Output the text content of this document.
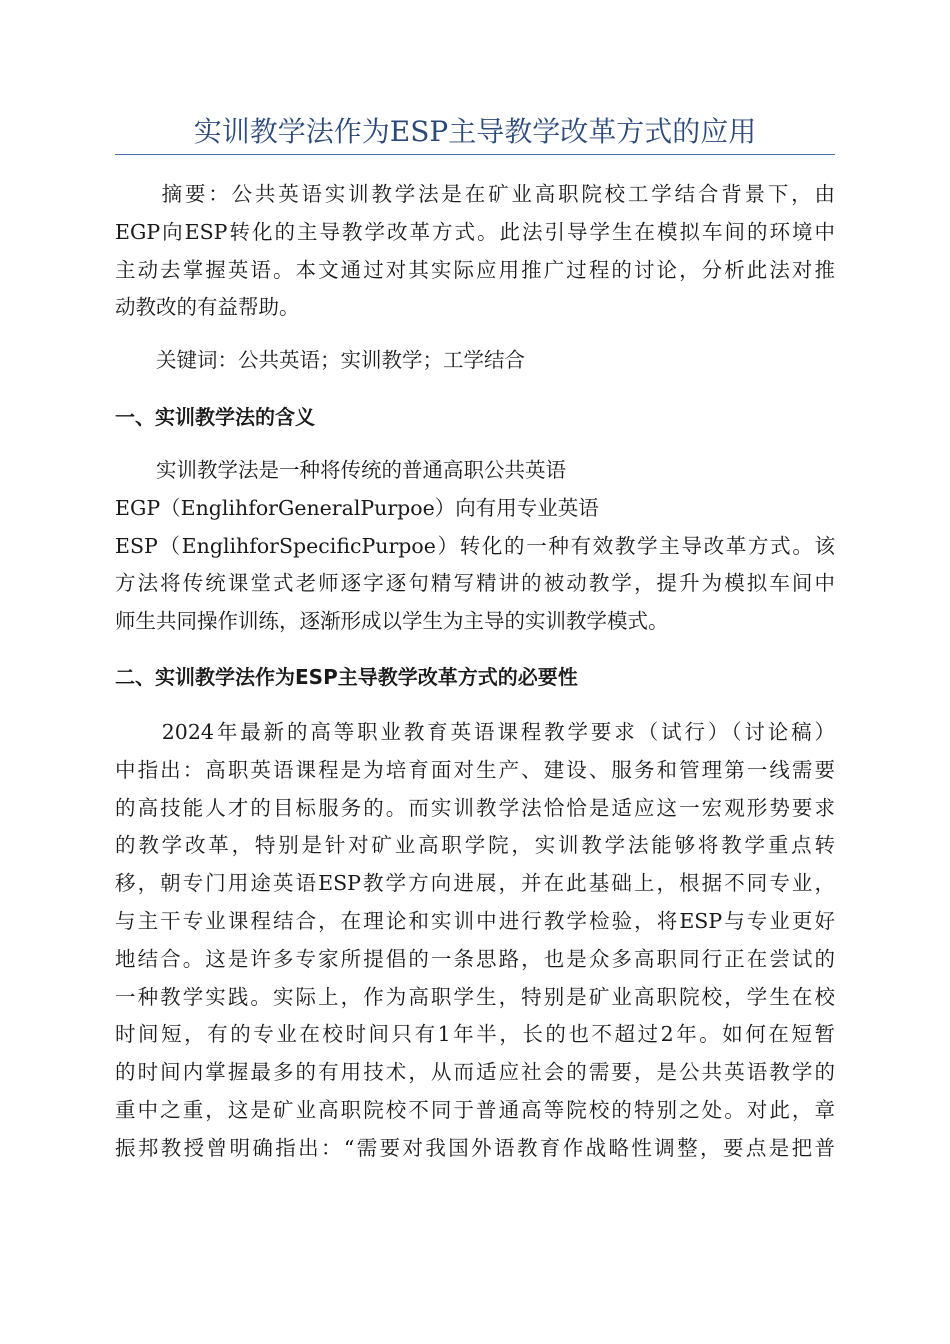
实训教学法作为ESP主导教学改革方式的应用

　　摘要：公共英语实训教学法是在矿业高职院校工学结合背景下，由
EGP向ESP转化的主导教学改革方式。此法引导学生在模拟车间的环境中
主动去掌握英语。本文通过对其实际应用推广过程的讨论，分析此法对推
动教改的有益帮助。

　　关键词：公共英语；实训教学；工学结合

一、实训教学法的含义

　　实训教学法是一种将传统的普通高职公共英语
EGP（EnglihforGeneralPurpoe）向有用专业英语
ESP（EnglihforSpecificPurpoe）转化的一种有效教学主导改革方式。该
方法将传统课堂式老师逐字逐句精写精讲的被动教学，提升为模拟车间中
师生共同操作训练，逐渐形成以学生为主导的实训教学模式。

二、实训教学法作为ESP主导教学改革方式的必要性

　　2024年最新的高等职业教育英语课程教学要求（试行）（讨论稿）
中指出：高职英语课程是为培育面对生产、建设、服务和管理第一线需要
的高技能人才的目标服务的。而实训教学法恰恰是适应这一宏观形势要求
的教学改革，特别是针对矿业高职学院，实训教学法能够将教学重点转
移，朝专门用途英语ESP教学方向进展，并在此基础上，根据不同专业，
与主干专业课程结合，在理论和实训中进行教学检验，将ESP与专业更好
地结合。这是许多专家所提倡的一条思路，也是众多高职同行正在尝试的
一种教学实践。实际上，作为高职学生，特别是矿业高职院校，学生在校
时间短，有的专业在校时间只有1年半，长的也不超过2年。如何在短暂
的时间内掌握最多的有用技术，从而适应社会的需要，是公共英语教学的
重中之重，这是矿业高职院校不同于普通高等院校的特别之处。对此，章
振邦教授曾明确指出：“需要对我国外语教育作战略性调整，要点是把普
